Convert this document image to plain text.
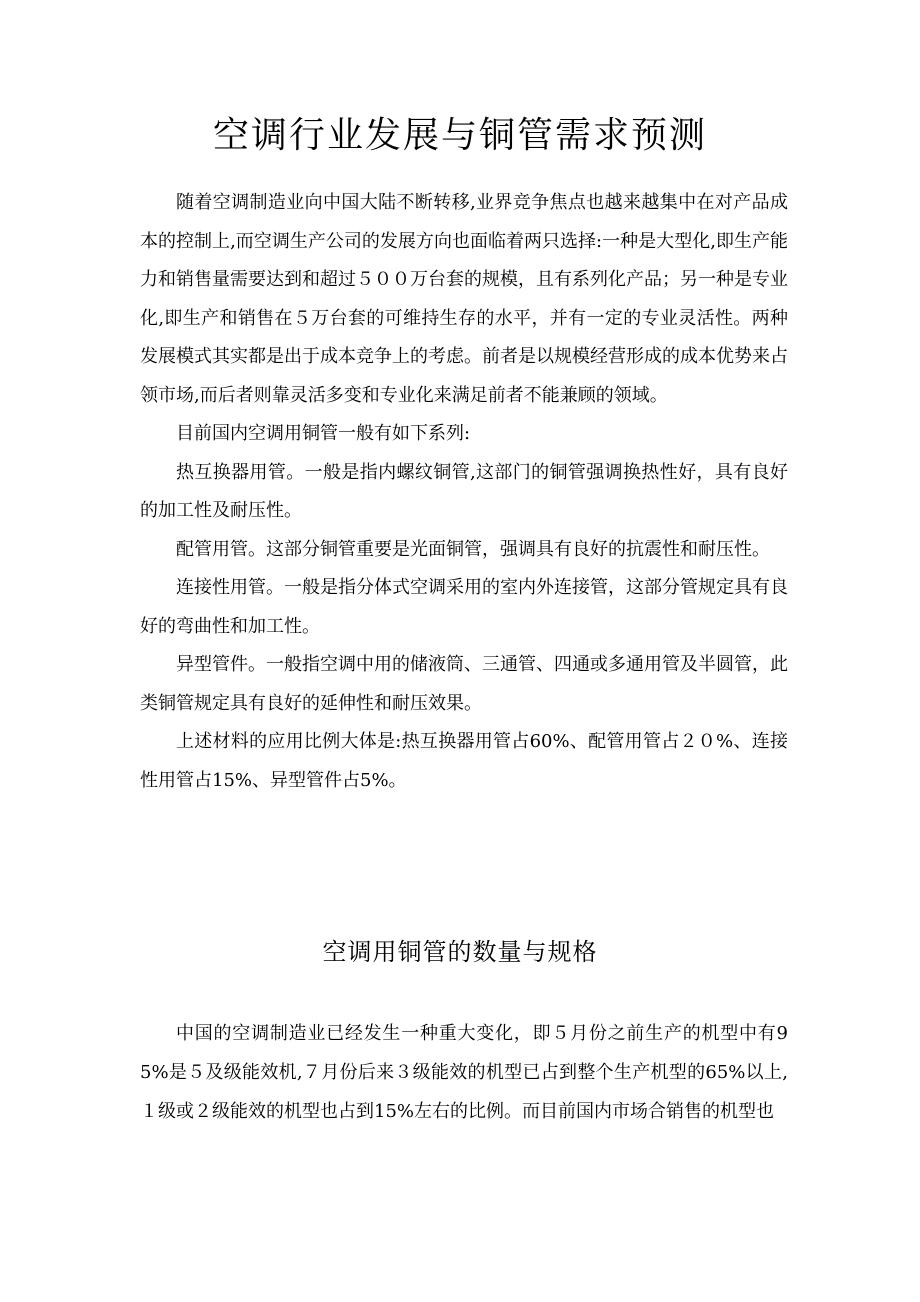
空调行业发展与铜管需求预测

随着空调制造业向中国大陆不断转移,业界竞争焦点也越来越集中在对产品成本的控制上,而空调生产公司的发展方向也面临着两只选择:一种是大型化,即生产能力和销售量需要达到和超过５００万台套的规模，且有系列化产品；另一种是专业化,即生产和销售在５万台套的可维持生存的水平，并有一定的专业灵活性。两种发展模式其实都是出于成本竞争上的考虑。前者是以规模经营形成的成本优势来占领市场,而后者则靠灵活多变和专业化来满足前者不能兼顾的领域。

目前国内空调用铜管一般有如下系列:

热互换器用管。一般是指内螺纹铜管,这部门的铜管强调换热性好，具有良好的加工性及耐压性。

配管用管。这部分铜管重要是光面铜管，强调具有良好的抗震性和耐压性。

连接性用管。一般是指分体式空调采用的室内外连接管，这部分管规定具有良好的弯曲性和加工性。

异型管件。一般指空调中用的储液筒、三通管、四通或多通用管及半圆管，此类铜管规定具有良好的延伸性和耐压效果。

上述材料的应用比例大体是:热互换器用管占60%、配管用管占２０%、连接性用管占15%、异型管件占5%。

空调用铜管的数量与规格

中国的空调制造业已经发生一种重大变化，即５月份之前生产的机型中有95%是５及级能效机,７月份后来３级能效的机型已占到整个生产机型的65%以上,１级或２级能效的机型也占到15%左右的比例。而目前国内市场合销售的机型也
